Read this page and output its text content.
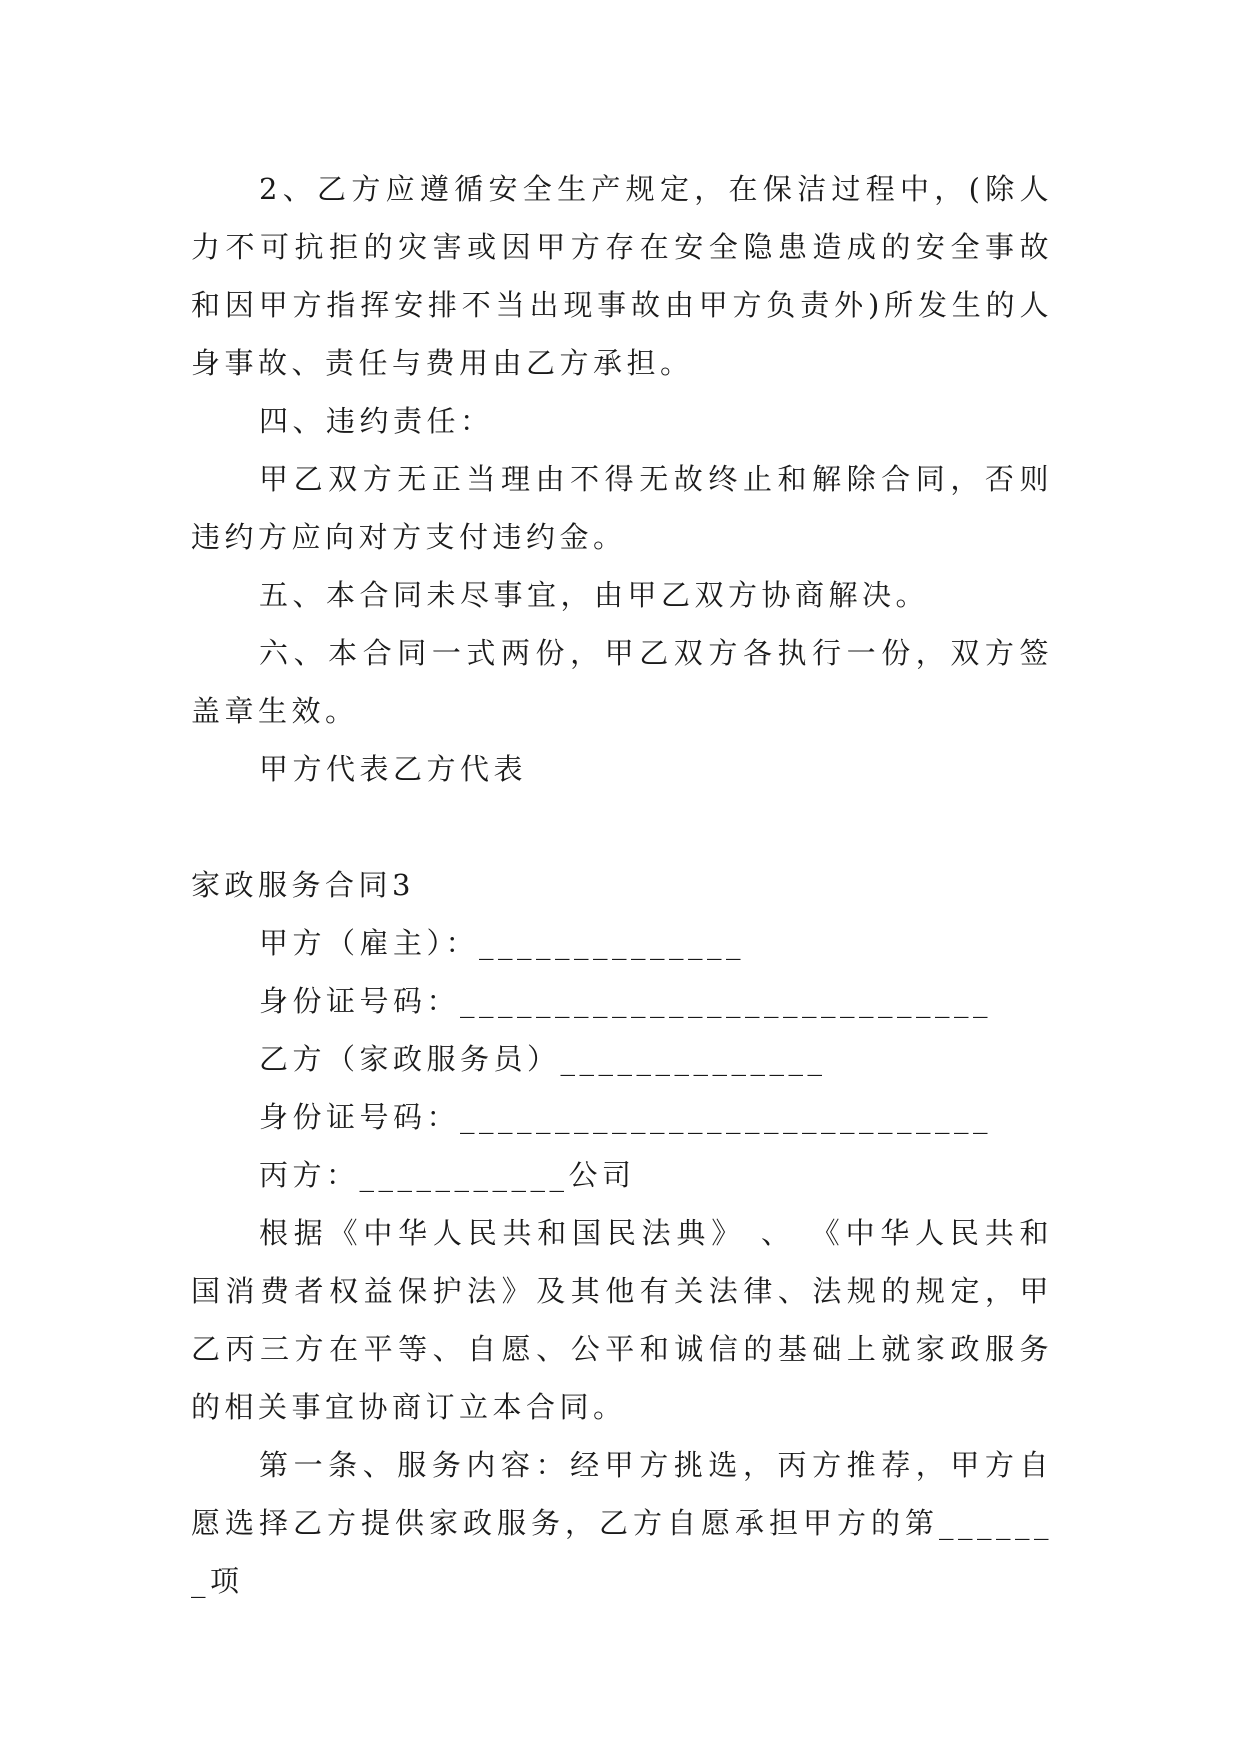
2、乙方应遵循安全生产规定，在保洁过程中，(除人力不可抗拒的灾害或因甲方存在安全隐患造成的安全事故和因甲方指挥安排不当出现事故由甲方负责外)所发生的人身事故、责任与费用由乙方承担。

四、违约责任：

甲乙双方无正当理由不得无故终止和解除合同，否则违约方应向对方支付违约金。

五、本合同未尽事宜，由甲乙双方协商解决。

六、本合同一式两份，甲乙双方各执行一份，双方签盖章生效。

甲方代表乙方代表

家政服务合同3

甲方（雇主）：______________

身份证号码：____________________________

乙方（家政服务员）______________

身份证号码：____________________________

丙方：___________公司

根据《中华人民共和国民法典》 、 《中华人民共和国消费者权益保护法》及其他有关法律、法规的规定，甲乙丙三方在平等、自愿、公平和诚信的基础上就家政服务的相关事宜协商订立本合同。

第一条、服务内容：经甲方挑选，丙方推荐，甲方自愿选择乙方提供家政服务，乙方自愿承担甲方的第_______项
